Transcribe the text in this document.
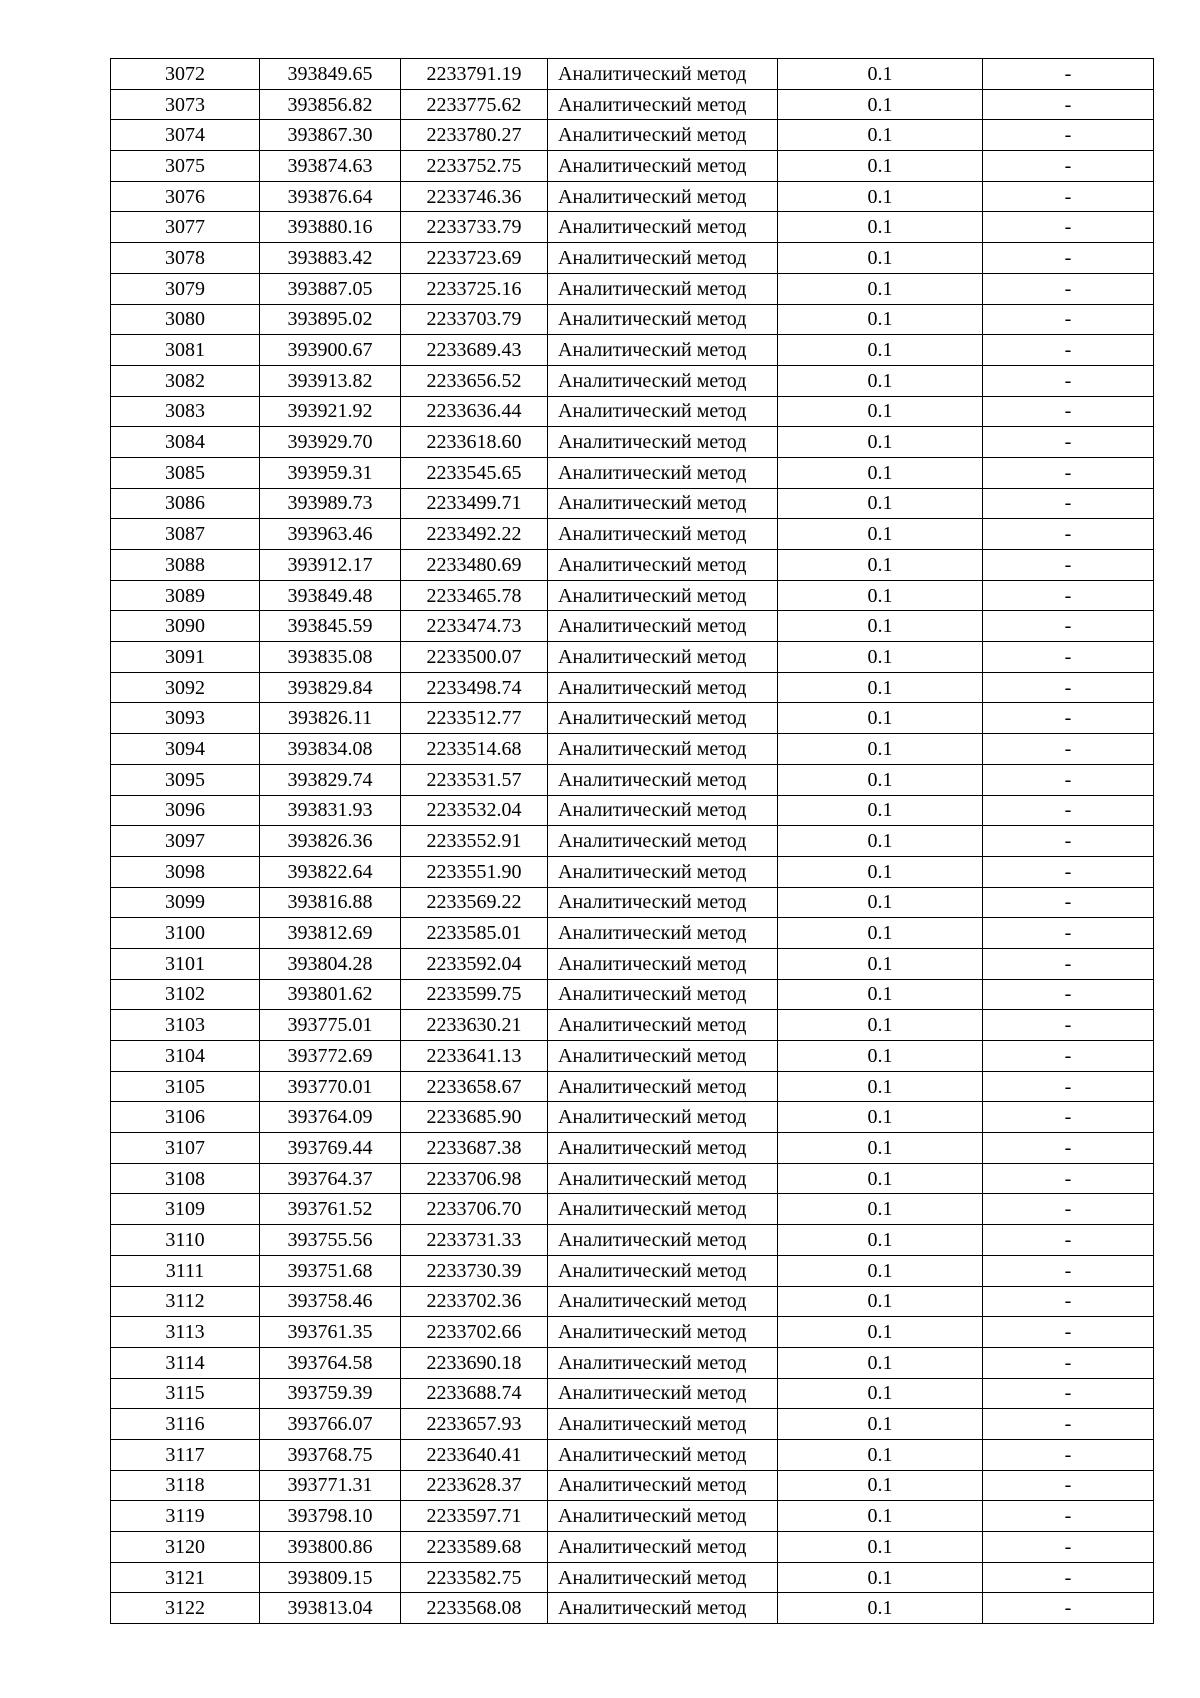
3072	393849.65	2233791.19	Аналитический метод	0.1	-
3073	393856.82	2233775.62	Аналитический метод	0.1	-
3074	393867.30	2233780.27	Аналитический метод	0.1	-
3075	393874.63	2233752.75	Аналитический метод	0.1	-
3076	393876.64	2233746.36	Аналитический метод	0.1	-
3077	393880.16	2233733.79	Аналитический метод	0.1	-
3078	393883.42	2233723.69	Аналитический метод	0.1	-
3079	393887.05	2233725.16	Аналитический метод	0.1	-
3080	393895.02	2233703.79	Аналитический метод	0.1	-
3081	393900.67	2233689.43	Аналитический метод	0.1	-
3082	393913.82	2233656.52	Аналитический метод	0.1	-
3083	393921.92	2233636.44	Аналитический метод	0.1	-
3084	393929.70	2233618.60	Аналитический метод	0.1	-
3085	393959.31	2233545.65	Аналитический метод	0.1	-
3086	393989.73	2233499.71	Аналитический метод	0.1	-
3087	393963.46	2233492.22	Аналитический метод	0.1	-
3088	393912.17	2233480.69	Аналитический метод	0.1	-
3089	393849.48	2233465.78	Аналитический метод	0.1	-
3090	393845.59	2233474.73	Аналитический метод	0.1	-
3091	393835.08	2233500.07	Аналитический метод	0.1	-
3092	393829.84	2233498.74	Аналитический метод	0.1	-
3093	393826.11	2233512.77	Аналитический метод	0.1	-
3094	393834.08	2233514.68	Аналитический метод	0.1	-
3095	393829.74	2233531.57	Аналитический метод	0.1	-
3096	393831.93	2233532.04	Аналитический метод	0.1	-
3097	393826.36	2233552.91	Аналитический метод	0.1	-
3098	393822.64	2233551.90	Аналитический метод	0.1	-
3099	393816.88	2233569.22	Аналитический метод	0.1	-
3100	393812.69	2233585.01	Аналитический метод	0.1	-
3101	393804.28	2233592.04	Аналитический метод	0.1	-
3102	393801.62	2233599.75	Аналитический метод	0.1	-
3103	393775.01	2233630.21	Аналитический метод	0.1	-
3104	393772.69	2233641.13	Аналитический метод	0.1	-
3105	393770.01	2233658.67	Аналитический метод	0.1	-
3106	393764.09	2233685.90	Аналитический метод	0.1	-
3107	393769.44	2233687.38	Аналитический метод	0.1	-
3108	393764.37	2233706.98	Аналитический метод	0.1	-
3109	393761.52	2233706.70	Аналитический метод	0.1	-
3110	393755.56	2233731.33	Аналитический метод	0.1	-
3111	393751.68	2233730.39	Аналитический метод	0.1	-
3112	393758.46	2233702.36	Аналитический метод	0.1	-
3113	393761.35	2233702.66	Аналитический метод	0.1	-
3114	393764.58	2233690.18	Аналитический метод	0.1	-
3115	393759.39	2233688.74	Аналитический метод	0.1	-
3116	393766.07	2233657.93	Аналитический метод	0.1	-
3117	393768.75	2233640.41	Аналитический метод	0.1	-
3118	393771.31	2233628.37	Аналитический метод	0.1	-
3119	393798.10	2233597.71	Аналитический метод	0.1	-
3120	393800.86	2233589.68	Аналитический метод	0.1	-
3121	393809.15	2233582.75	Аналитический метод	0.1	-
3122	393813.04	2233568.08	Аналитический метод	0.1	-
